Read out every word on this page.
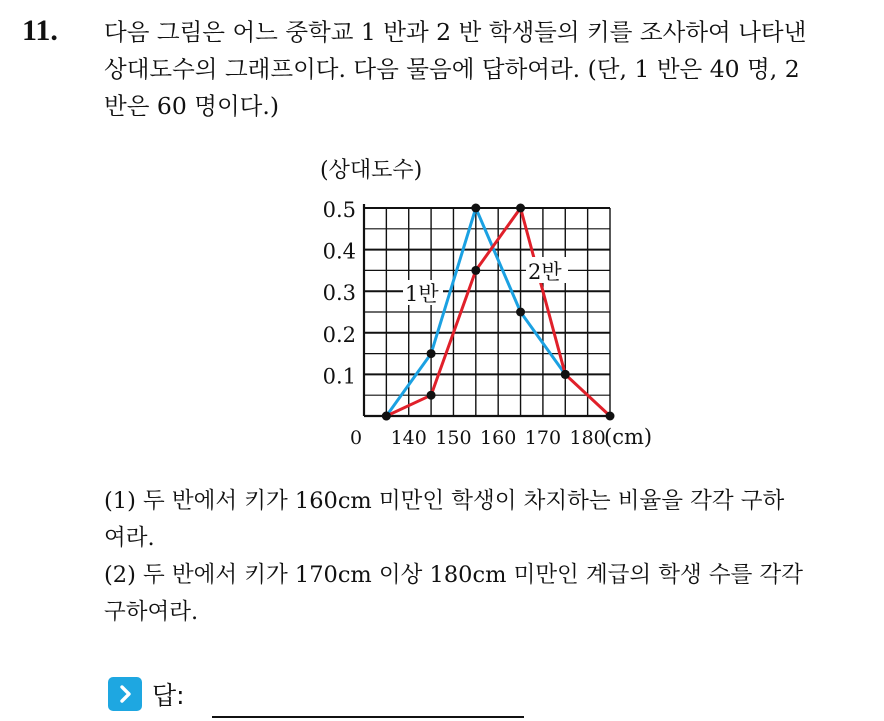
11. 다음 그림은 어느 중학교 1 반과 2 반 학생들의 키를 조사하여 나타낸
상대도수의 그래프이다. 다음 물음에 답하여라. (단, 1 반은 40 명, 2
반은 60 명이다.)
(상대도수)
0.1
0.2
0.3
0.4
0.5
0 140 150 160 170 180
(cm)
1반
2반
(1) 두 반에서 키가 160cm 미만인 학생이 차지하는 비율을 각각 구하
여라.
(2) 두 반에서 키가 170cm 이상 180cm 미만인 계급의 학생 수를 각각
구하여라.
답:
